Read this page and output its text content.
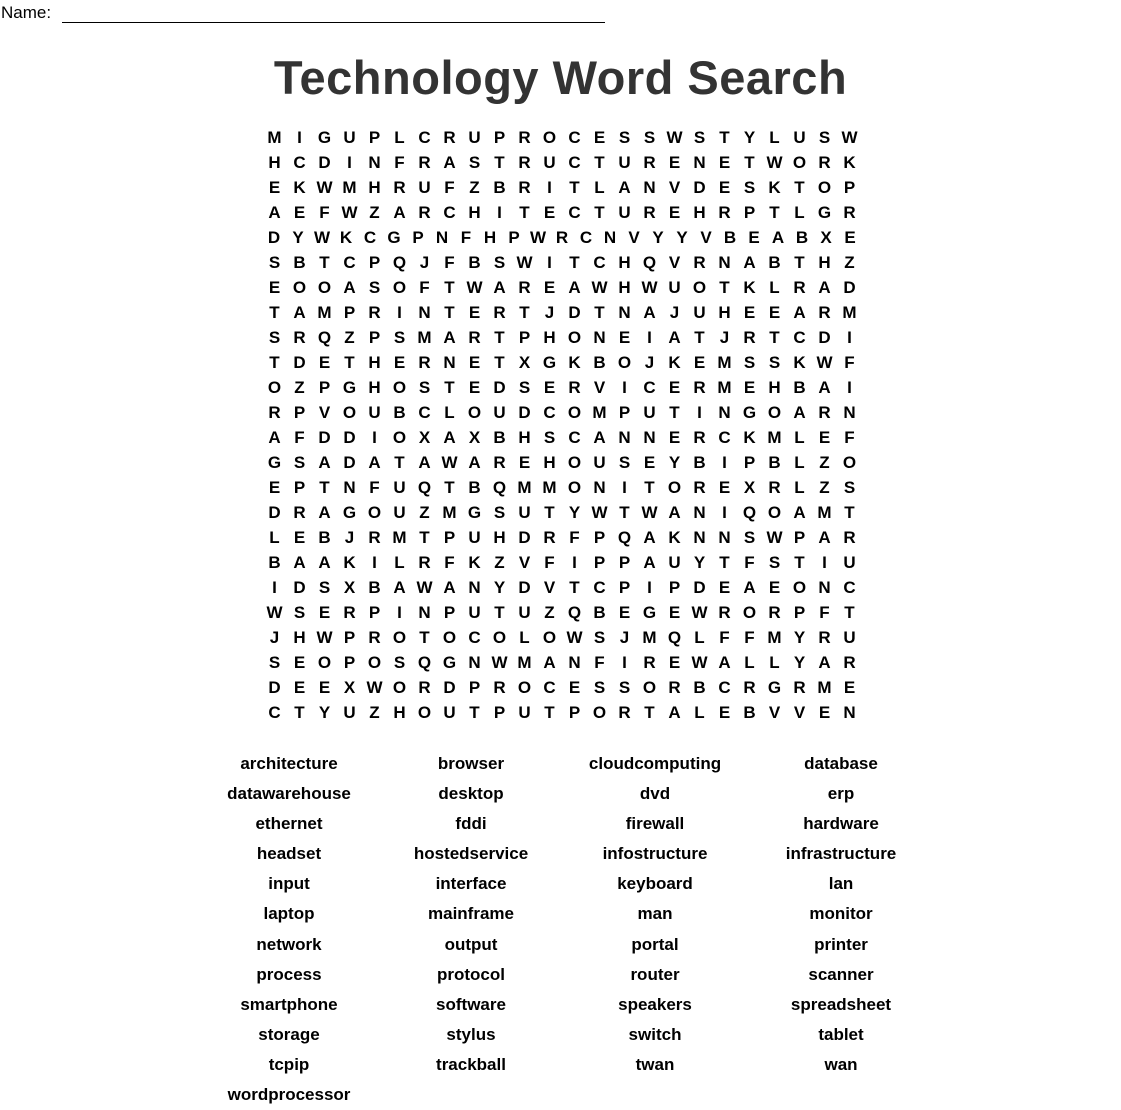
Name:
Technology Word Search
M I G U P L C R U P R O C E S S W S T Y L U S W
H C D I N F R A S T R U C T U R E N E T W O R K
E K W M H R U F Z B R I	T L A N V D E S K T O P
A E F W Z A R C H I	T E C T U R E H R P T L G R
D Y W K C G P N F H P W R C N V Y Y V B E A B X E
S B T C P Q J F B S W I	T C H Q V R N A B T H Z
E O O A S O F T W A R E A W H W U O T K L R A D
T A M P R I N T E R T J D T N A J U H E E A R M
S R Q Z P S M A R T P H O N E I A T J R T C D I
T D E T H E R N E T X G K B O J K E M S S K W F
O Z P G H O S T E D S E R V I C E R M E H B A I
R P V O U B C L O U D C O M P U T	I N G O A R N
A F D D I O X A X B H S C A N N E R C K M L E F
G S A D A T A W A R E H O U S E Y B I P B L Z O
E P T N F U Q T B Q M M O N I	T O R E X R L Z S
D R A G O U Z M G S U T Y W T W A N I Q O A M T
L E B J R M T P U H D R F P Q A K N N S W P A R
B A A K I	L R F K Z V F	I P P A U Y T F S T	I U
I D S X B A W A N Y D V T C P I P D E A E O N C
W S E R P I N P U T U Z Q B E G E W R O R P F T
J H W P R O T O C O L O W S J M Q L F F M Y R U
S E O P O S Q G N W M A N F	I R E W A L L Y A R
D E E X W O R D P R O C E S S O R B C R G R M E
C T Y U Z H O U T P U T P O R T A L E B V V E N
architecture	browser	cloudcomputing	database
datawarehouse	desktop	dvd	erp
ethernet	fddi	firewall	hardware
headset	hostedservice	infostructure	infrastructure
input	interface	keyboard	lan
laptop	mainframe	man	monitor
network	output	portal	printer
process	protocol	router	scanner
smartphone	software	speakers	spreadsheet
storage	stylus	switch	tablet
tcpip	trackball	twan	wan
wordprocessor
